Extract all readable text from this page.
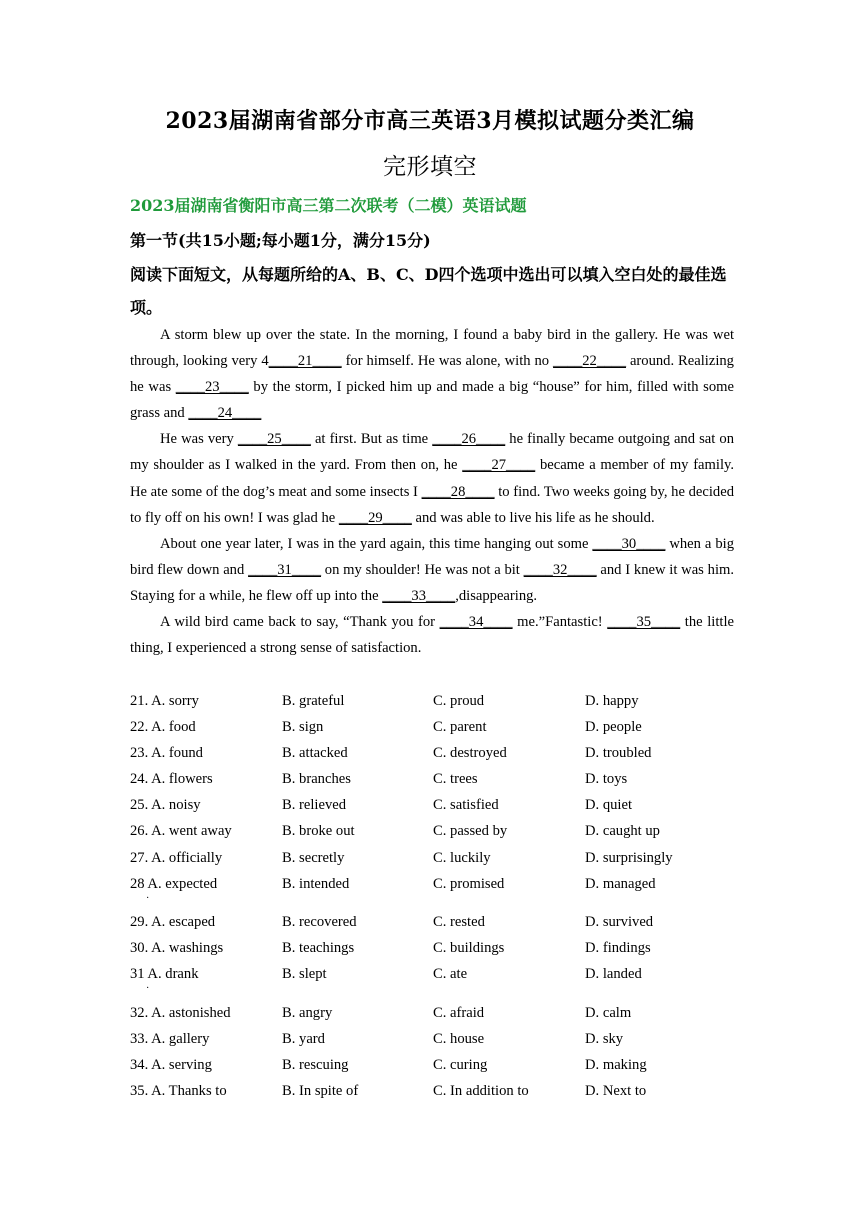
2023届湖南省部分市高三英语3月模拟试题分类汇编
完形填空
2023届湖南省衡阳市高三第二次联考（二模）英语试题
第一节(共15小题;每小题1分，满分15分)
阅读下面短文，从每题所给的A、B、C、D四个选项中选出可以填入空白处的最佳选项。

A storm blew up over the state. In the morning, I found a baby bird in the gallery. He was wet through, looking very 4____21____ for himself. He was alone, with no ____22____ around. Realizing he was ____23____ by the storm, I picked him up and made a big “house” for him, filled with some grass and ____24____

He was very ____25____ at first. But as time ____26____ he finally became outgoing and sat on my shoulder as I walked in the yard. From then on, he ____27____ became a member of my family. He ate some of the dog’s meat and some insects I ____28____ to find. Two weeks going by, he decided to fly off on his own! I was glad he ____29____ and was able to live his life as he should.

About one year later, I was in the yard again, this time hanging out some ____30____ when a big bird flew down and ____31____ on my shoulder! He was not a bit ____32____ and I knew it was him. Staying for a while, he flew off up into the ____33____,disappearing.

A wild bird came back to say, “Thank you for ____34____ me.”Fantastic! ____35____ the little thing, I experienced a strong sense of satisfaction.

21. A. sorry	B. grateful	C. proud	D. happy
22. A. food	B. sign	C. parent	D. people
23. A. found	B. attacked	C. destroyed	D. troubled
24. A. flowers	B. branches	C. trees	D. toys
25. A. noisy	B. relieved	C. satisfied	D. quiet
26. A. went away	B. broke out	C. passed by	D. caught up
27. A. officially	B. secretly	C. luckily	D. surprisingly
28 A. expected	B. intended	C. promised	D. managed
·
29. A. escaped	B. recovered	C. rested	D. survived
30. A. washings	B. teachings	C. buildings	D. findings
31 A. drank	B. slept	C. ate	D. landed
·
32. A. astonished	B. angry	C. afraid	D. calm
33. A. gallery	B. yard	C. house	D. sky
34. A. serving	B. rescuing	C. curing	D. making
35. A. Thanks to	B. In spite of	C. In addition to	D. Next to
